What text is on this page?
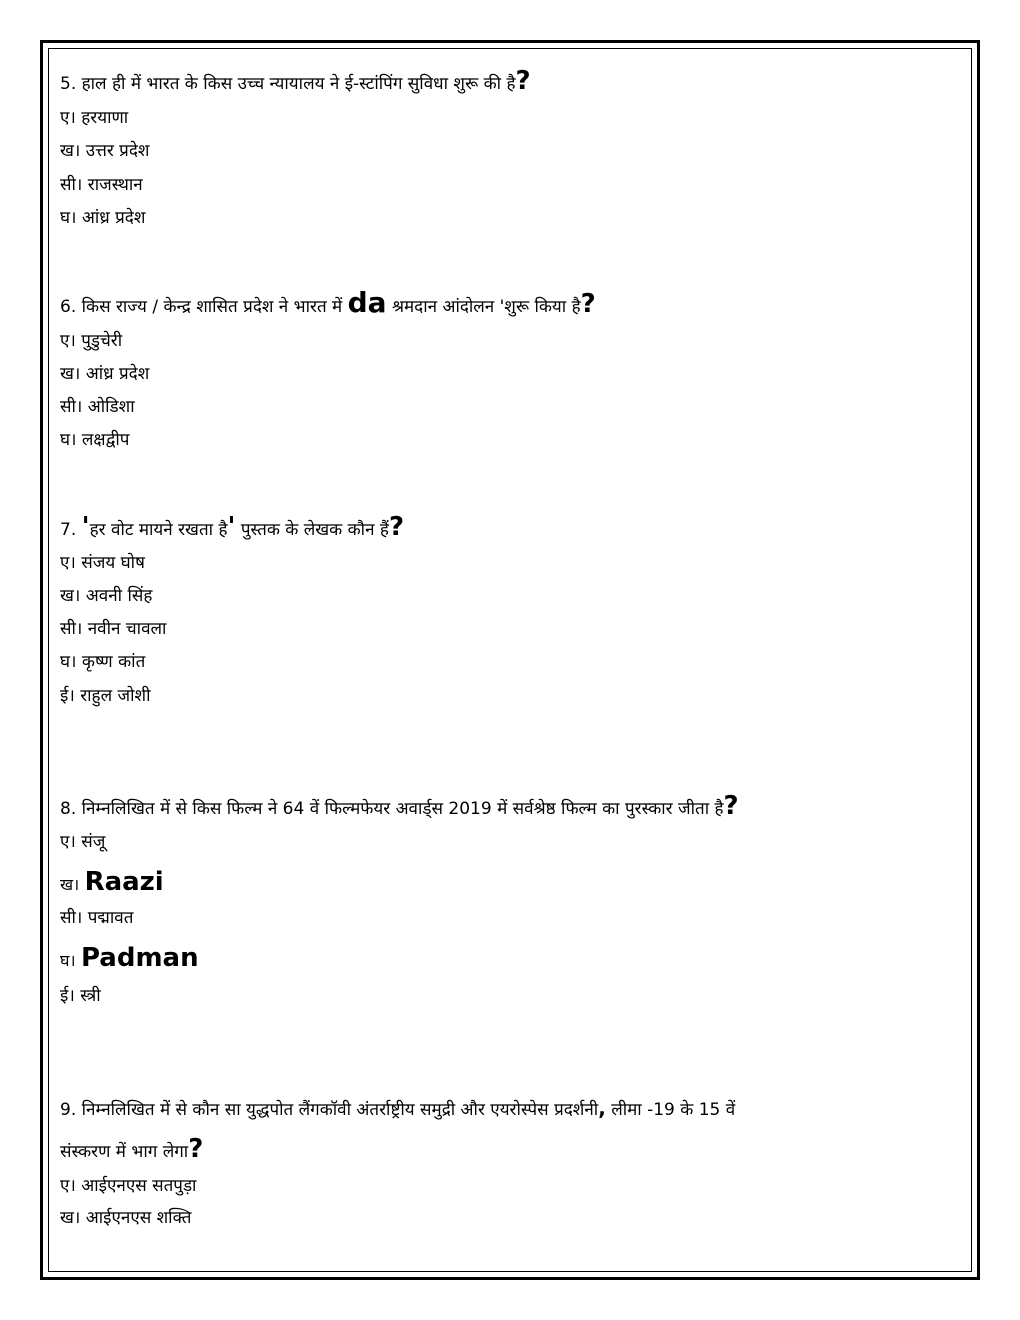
5. हाल ही में भारत के किस उच्च न्यायालय ने ई-स्टांपिंग सुविधा शुरू की है?
ए। हरयाणा
ख। उत्तर प्रदेश
सी। राजस्थान
घ। आंध्र प्रदेश
6. किस राज्य / केन्द्र शासित प्रदेश ने भारत में da श्रमदान आंदोलन 'शुरू किया है?
ए। पुडुचेरी
ख। आंध्र प्रदेश
सी। ओडिशा
घ। लक्षद्वीप
7. 'हर वोट मायने रखता है' पुस्तक के लेखक कौन हैं?
ए। संजय घोष
ख। अवनी सिंह
सी। नवीन चावला
घ। कृष्ण कांत
ई। राहुल जोशी
8. निम्नलिखित में से किस फिल्म ने 64 वें फिल्मफेयर अवार्ड्स 2019 में सर्वश्रेष्ठ फिल्म का पुरस्कार जीता है?
ए। संजू
ख। Raazi
सी। पद्मावत
घ। Padman
ई। स्त्री
9. निम्नलिखित में से कौन सा युद्धपोत लैंगकॉवी अंतर्राष्ट्रीय समुद्री और एयरोस्पेस प्रदर्शनी, लीमा -19 के 15 वें
संस्करण में भाग लेगा?
ए। आईएनएस सतपुड़ा
ख। आईएनएस शक्ति
